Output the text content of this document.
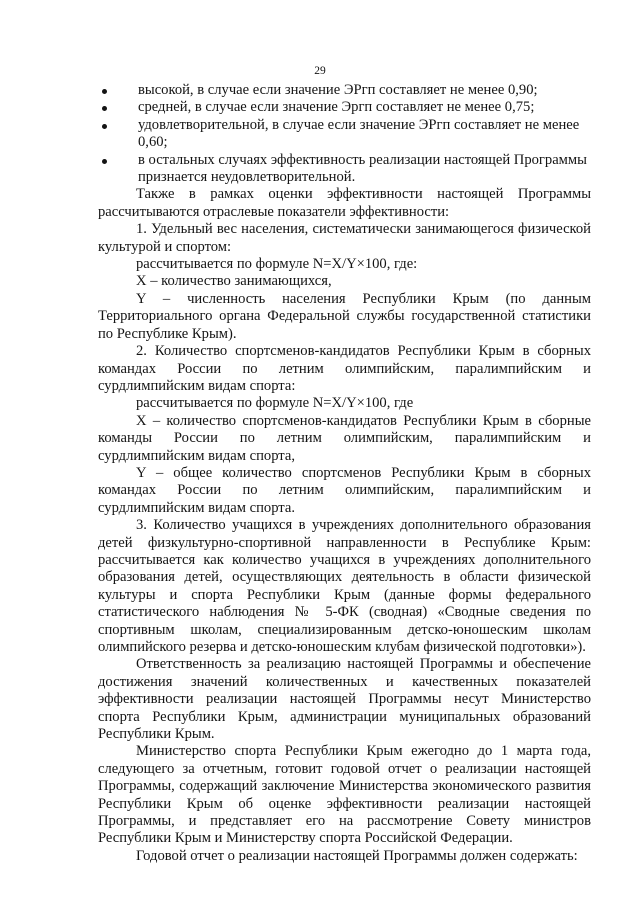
29
высокой, в случае если значение ЭРгп составляет не менее 0,90;
средней, в случае если значение Эргп составляет не менее 0,75;
удовлетворительной, в случае если значение ЭРгп составляет не менее 0,60;
в остальных случаях эффективность реализации настоящей Программы признается неудовлетворительной.
Также в рамках оценки эффективности настоящей Программы рассчитываются отраслевые показатели эффективности:
1. Удельный вес населения, систематически занимающегося физической культурой и спортом:
рассчитывается по формуле N=X/Y×100, где:
X – количество занимающихся,
Y – численность населения Республики Крым (по данным Территориального органа Федеральной службы государственной статистики по Республике Крым).
2. Количество спортсменов-кандидатов Республики Крым в сборных командах России по летним олимпийским, паралимпийским и сурдлимпийским видам спорта:
рассчитывается по формуле N=X/Y×100, где
X – количество спортсменов-кандидатов Республики Крым в сборные команды России по летним олимпийским, паралимпийским и сурдлимпийским видам спорта,
Y – общее количество спортсменов Республики Крым в сборных командах России по летним олимпийским, паралимпийским и сурдлимпийским видам спорта.
3. Количество учащихся в учреждениях дополнительного образования детей физкультурно-спортивной направленности в Республике Крым: рассчитывается как количество учащихся в учреждениях дополнительного образования детей, осуществляющих деятельность в области физической культуры и спорта Республики Крым (данные формы федерального статистического наблюдения № 5-ФК (сводная) «Сводные сведения по спортивным школам, специализированным детско-юношеским школам олимпийского резерва и детско-юношеским клубам физической подготовки»).
Ответственность за реализацию настоящей Программы и обеспечение достижения значений количественных и качественных показателей эффективности реализации настоящей Программы несут Министерство спорта Республики Крым, администрации муниципальных образований Республики Крым.
Министерство спорта Республики Крым ежегодно до 1 марта года, следующего за отчетным, готовит годовой отчет о реализации настоящей Программы, содержащий заключение Министерства экономического развития Республики Крым об оценке эффективности реализации настоящей Программы, и представляет его на рассмотрение Совету министров Республики Крым и Министерству спорта Российской Федерации.
Годовой отчет о реализации настоящей Программы должен содержать:
